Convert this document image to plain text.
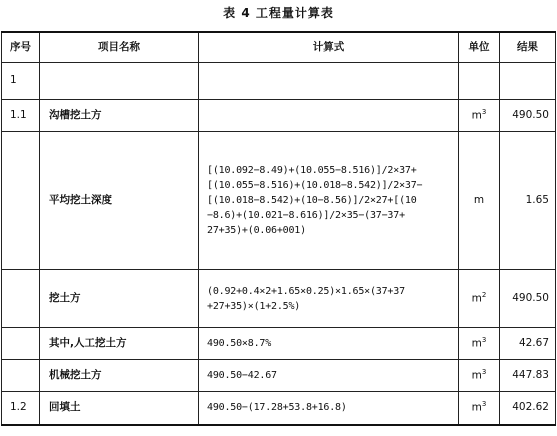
表 4 工程量计算表
序号	项目名称	计算式	单位	结果
1				
1.1	沟槽挖土方		$m^3$	490.50
	平均挖土深度	[(10.092−8.49)+(10.055−8.516)]/2×37+
[(10.055−8.516)+(10.018−8.542)]/2×37−
[(10.018−8.542)+(10−8.56)]/2×27+[(10
−8.6)+(10.021−8.616)]/2×35−(37−37+
27+35)+(0.06+001)	m	1.65
	挖土方	(0.92+0.4×2+1.65×0.25)×1.65×(37+37
+27+35)×(1+2.5%)	$m^2$	490.50
	其中,人工挖土方	490.50×8.7%	$m^3$	42.67
	机械挖土方	490.50−42.67	$m^3$	447.83
1.2	回填土	490.50−(17.28+53.8+16.8)	$m^3$	402.62
